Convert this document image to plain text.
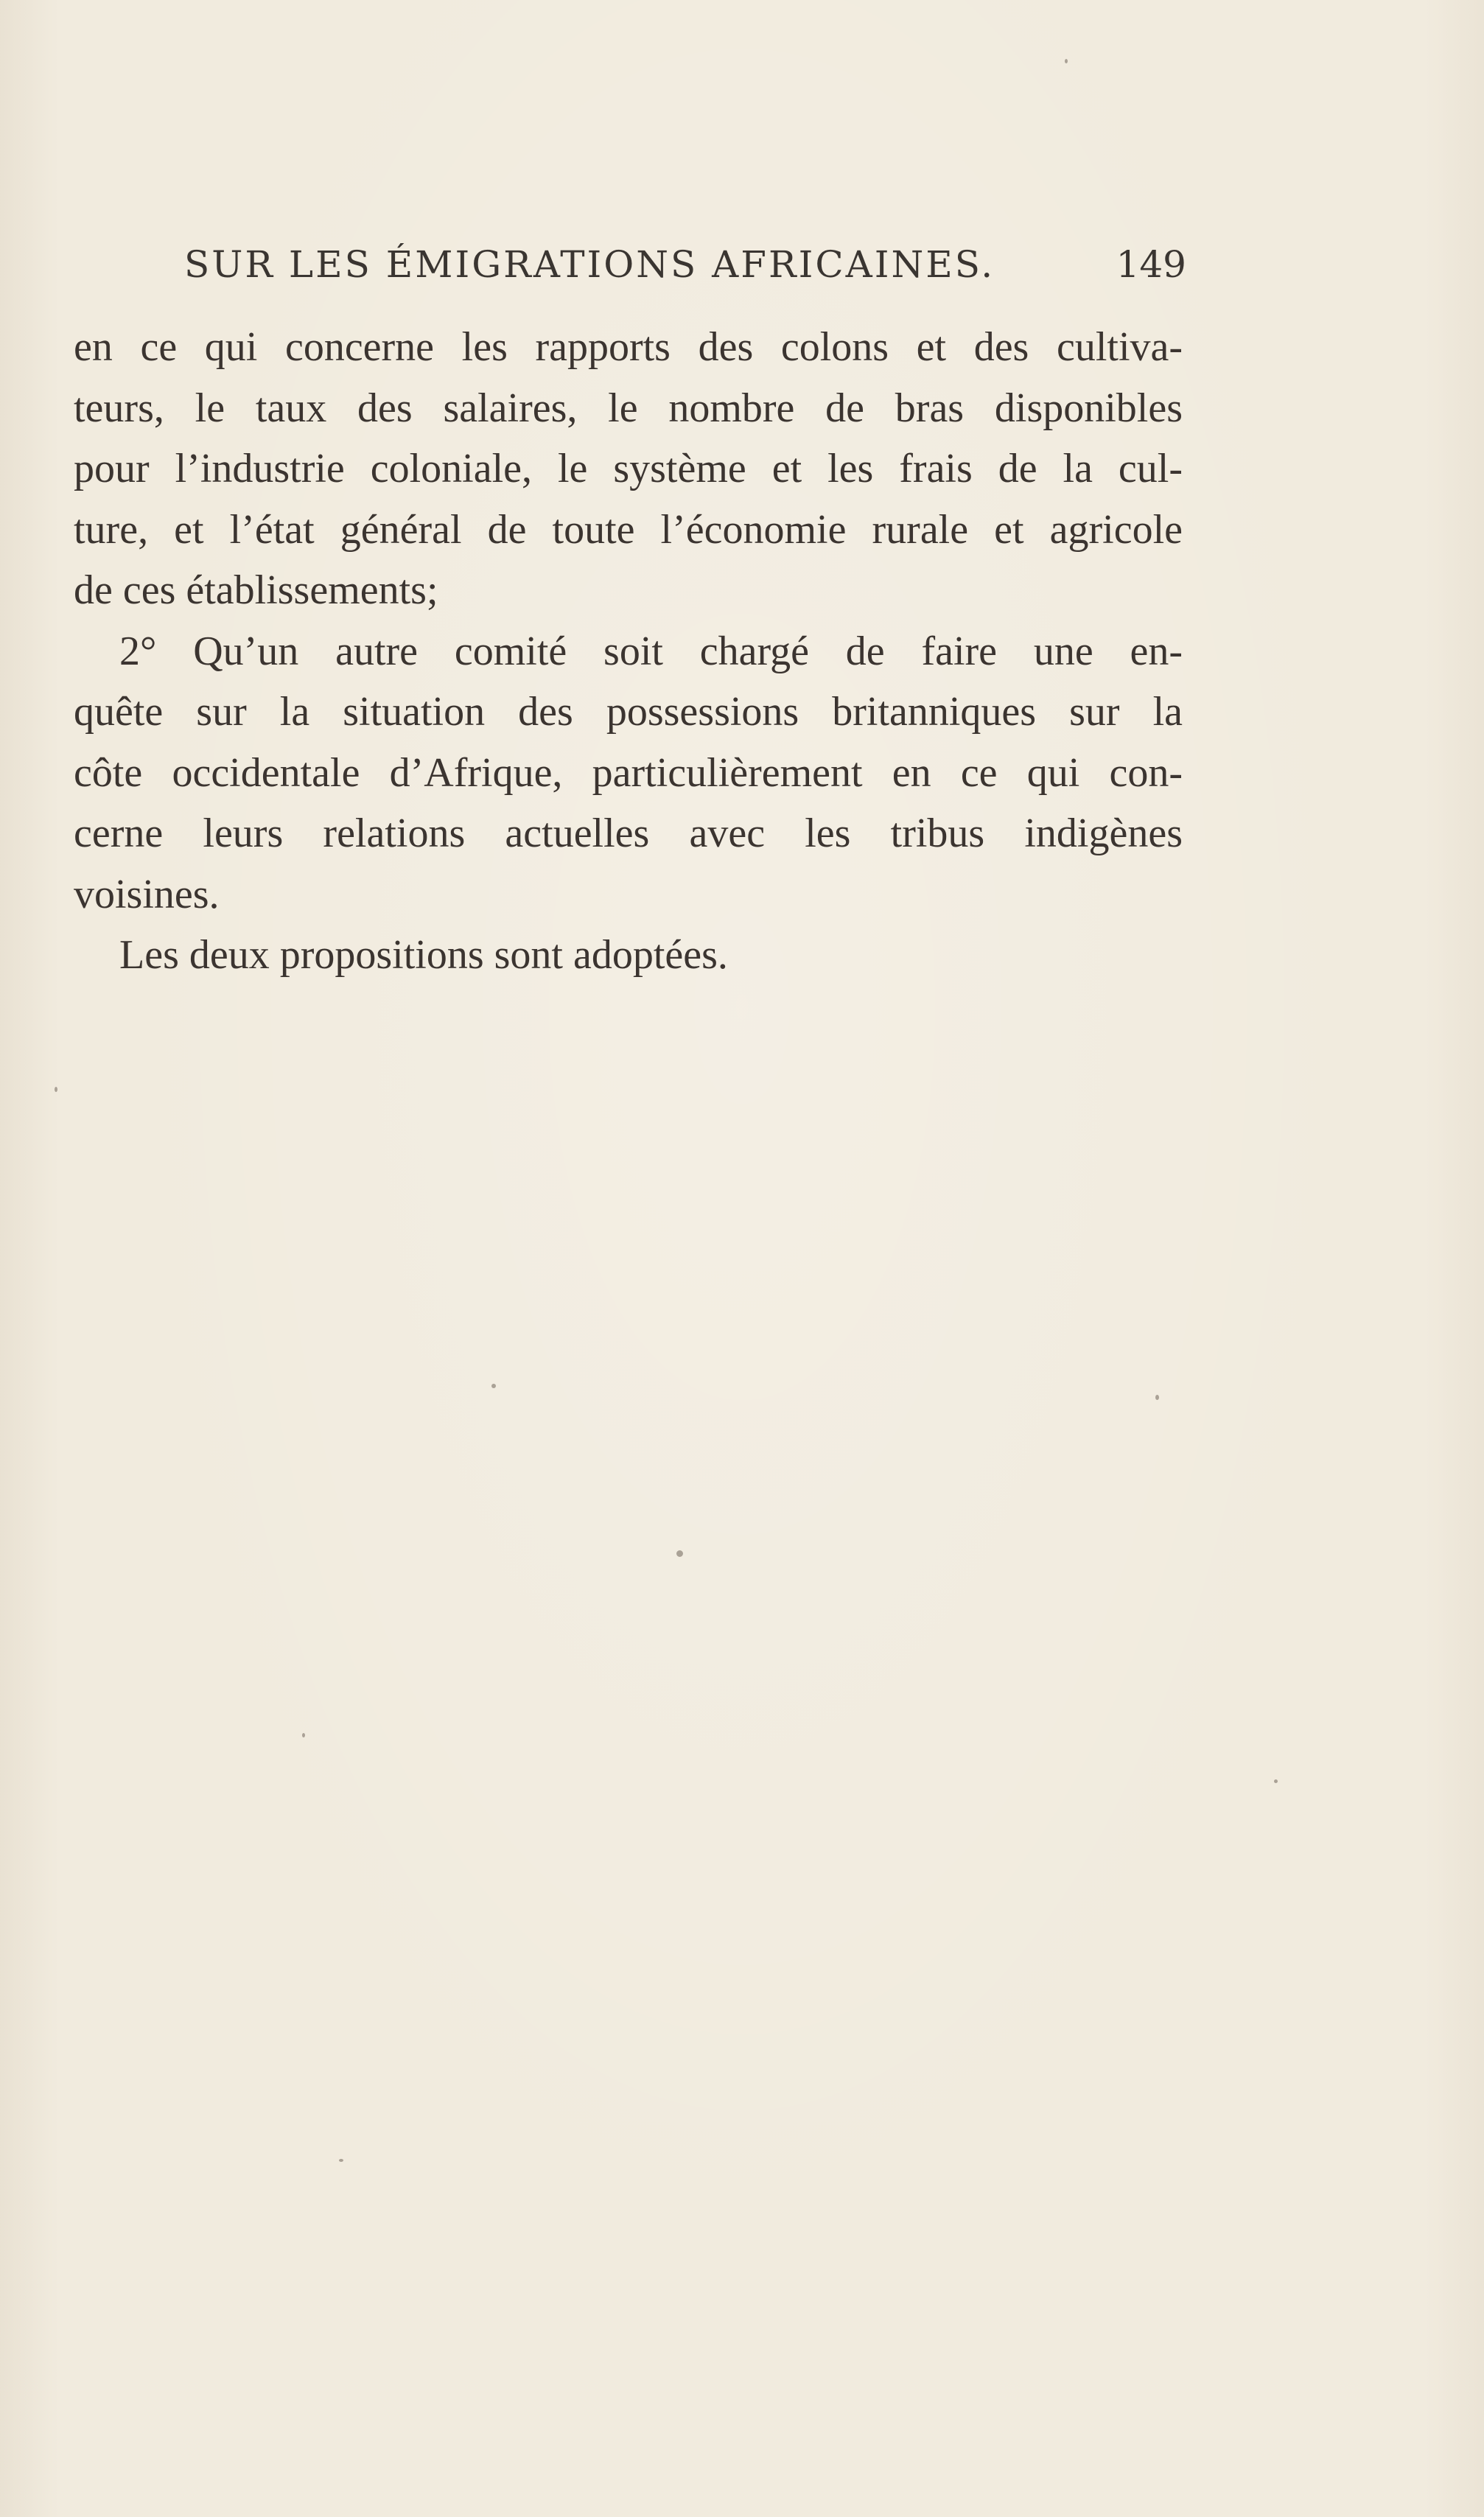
SUR LES ÉMIGRATIONS AFRICAINES.	149
en ce qui concerne les rapports des colons et des cultiva-
teurs, le taux des salaires, le nombre de bras disponibles
pour l’industrie coloniale, le système et les frais de la cul-
ture, et l’état général de toute l’économie rurale et agricole
de ces établissements;
2° Qu’un autre comité soit chargé de faire une en-
quête sur la situation des possessions britanniques sur la
côte occidentale d’Afrique, particulièrement en ce qui con-
cerne leurs relations actuelles avec les tribus indigènes
voisines.
Les deux propositions sont adoptées.
